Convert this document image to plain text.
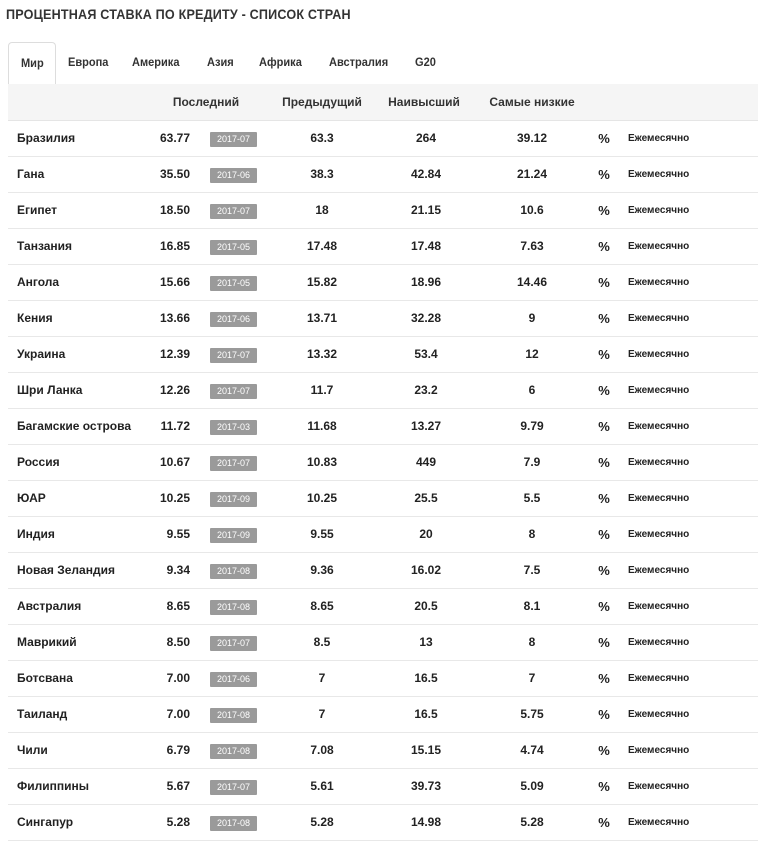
ПРОЦЕНТНАЯ СТАВКА ПО КРЕДИТУ - СПИСОК СТРАН
Мир	Европа Америка Азия Африка Австралия G20
Последний	Предыдущий	Наивысший	Самые низкие
Бразилия	63.77	2017-07	63.3	264	39.12	%	Ежемесячно
Гана	35.50	2017-06	38.3	42.84	21.24	%	Ежемесячно
Египет	18.50	2017-07	18	21.15	10.6	%	Ежемесячно
Танзания	16.85	2017-05	17.48	17.48	7.63	%	Ежемесячно
Ангола	15.66	2017-05	15.82	18.96	14.46	%	Ежемесячно
Кения	13.66	2017-06	13.71	32.28	9	%	Ежемесячно
Украина	12.39	2017-07	13.32	53.4	12	%	Ежемесячно
Шри Ланка	12.26	2017-07	11.7	23.2	6	%	Ежемесячно
Багамские острова	11.72	2017-03	11.68	13.27	9.79	%	Ежемесячно
Россия	10.67	2017-07	10.83	449	7.9	%	Ежемесячно
ЮАР	10.25	2017-09	10.25	25.5	5.5	%	Ежемесячно
Индия	9.55	2017-09	9.55	20	8	%	Ежемесячно
Новая Зеландия	9.34	2017-08	9.36	16.02	7.5	%	Ежемесячно
Австралия	8.65	2017-08	8.65	20.5	8.1	%	Ежемесячно
Маврикий	8.50	2017-07	8.5	13	8	%	Ежемесячно
Ботсвана	7.00	2017-06	7	16.5	7	%	Ежемесячно
Таиланд	7.00	2017-08	7	16.5	5.75	%	Ежемесячно
Чили	6.79	2017-08	7.08	15.15	4.74	%	Ежемесячно
Филиппины	5.67	2017-07	5.61	39.73	5.09	%	Ежемесячно
Сингапур	5.28	2017-08	5.28	14.98	5.28	%	Ежемесячно
